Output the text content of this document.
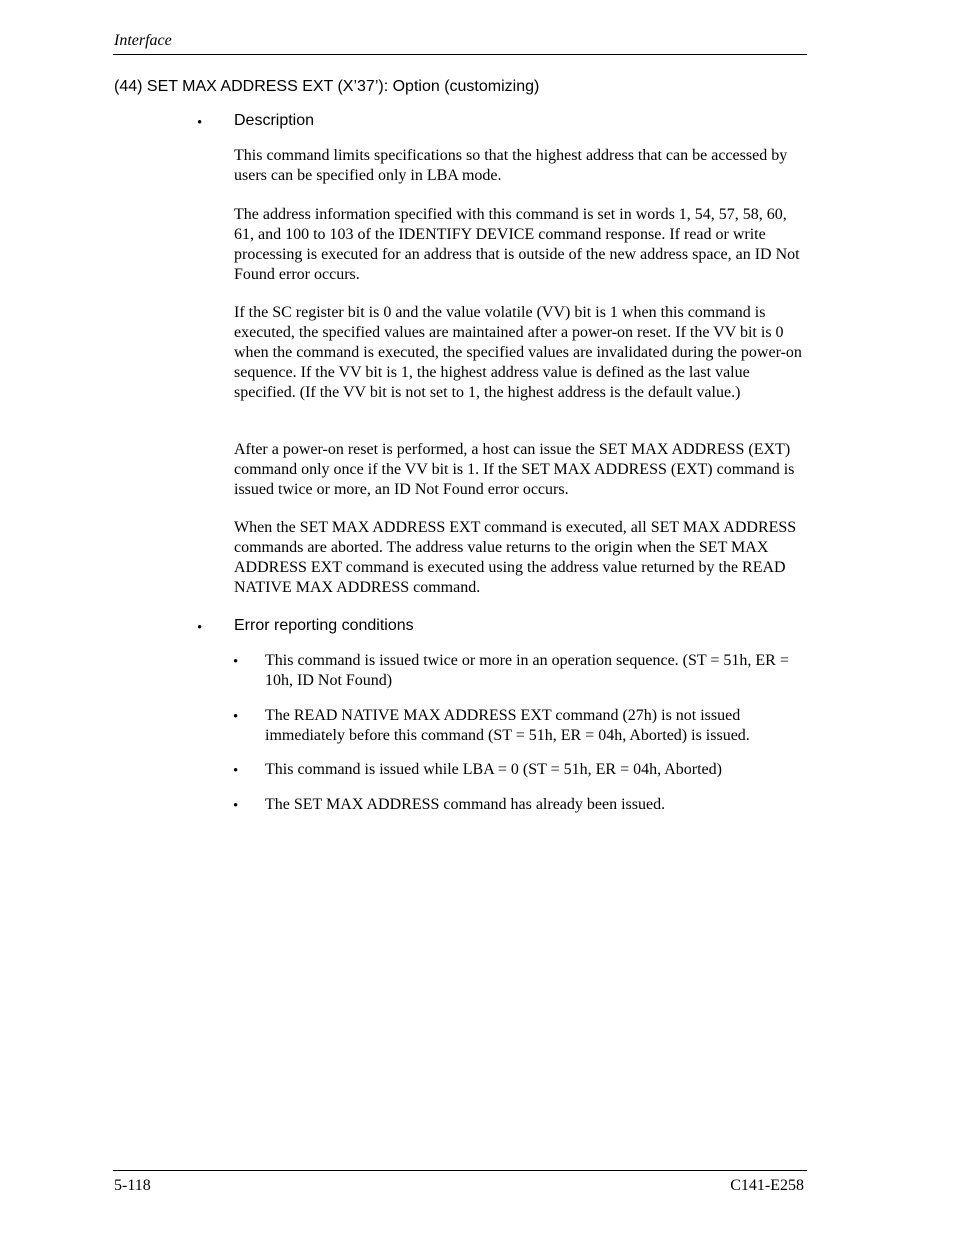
Interface
(44) SET MAX ADDRESS EXT (X’37’): Option (customizing)
• Description

This command limits specifications so that the highest address that can be accessed by users can be specified only in LBA mode.

The address information specified with this command is set in words 1, 54, 57, 58, 60, 61, and 100 to 103 of the IDENTIFY DEVICE command response. If read or write processing is executed for an address that is outside of the new address space, an ID Not Found error occurs.

If the SC register bit is 0 and the value volatile (VV) bit is 1 when this command is executed, the specified values are maintained after a power-on reset. If the VV bit is 0 when the command is executed, the specified values are invalidated during the power-on sequence. If the VV bit is 1, the highest address value is defined as the last value specified. (If the VV bit is not set to 1, the highest address is the default value.)

After a power-on reset is performed, a host can issue the SET MAX ADDRESS (EXT) command only once if the VV bit is 1. If the SET MAX ADDRESS (EXT) command is issued twice or more, an ID Not Found error occurs.

When the SET MAX ADDRESS EXT command is executed, all SET MAX ADDRESS commands are aborted. The address value returns to the origin when the SET MAX ADDRESS EXT command is executed using the address value returned by the READ NATIVE MAX ADDRESS command.

• Error reporting conditions
• This command is issued twice or more in an operation sequence. (ST = 51h, ER = 10h, ID Not Found)

• The READ NATIVE MAX ADDRESS EXT command (27h) is not issued immediately before this command (ST = 51h, ER = 04h, Aborted) is issued.

• This command is issued while LBA = 0 (ST = 51h, ER = 04h, Aborted)

• The SET MAX ADDRESS command has already been issued.

5-118	C141-E258
